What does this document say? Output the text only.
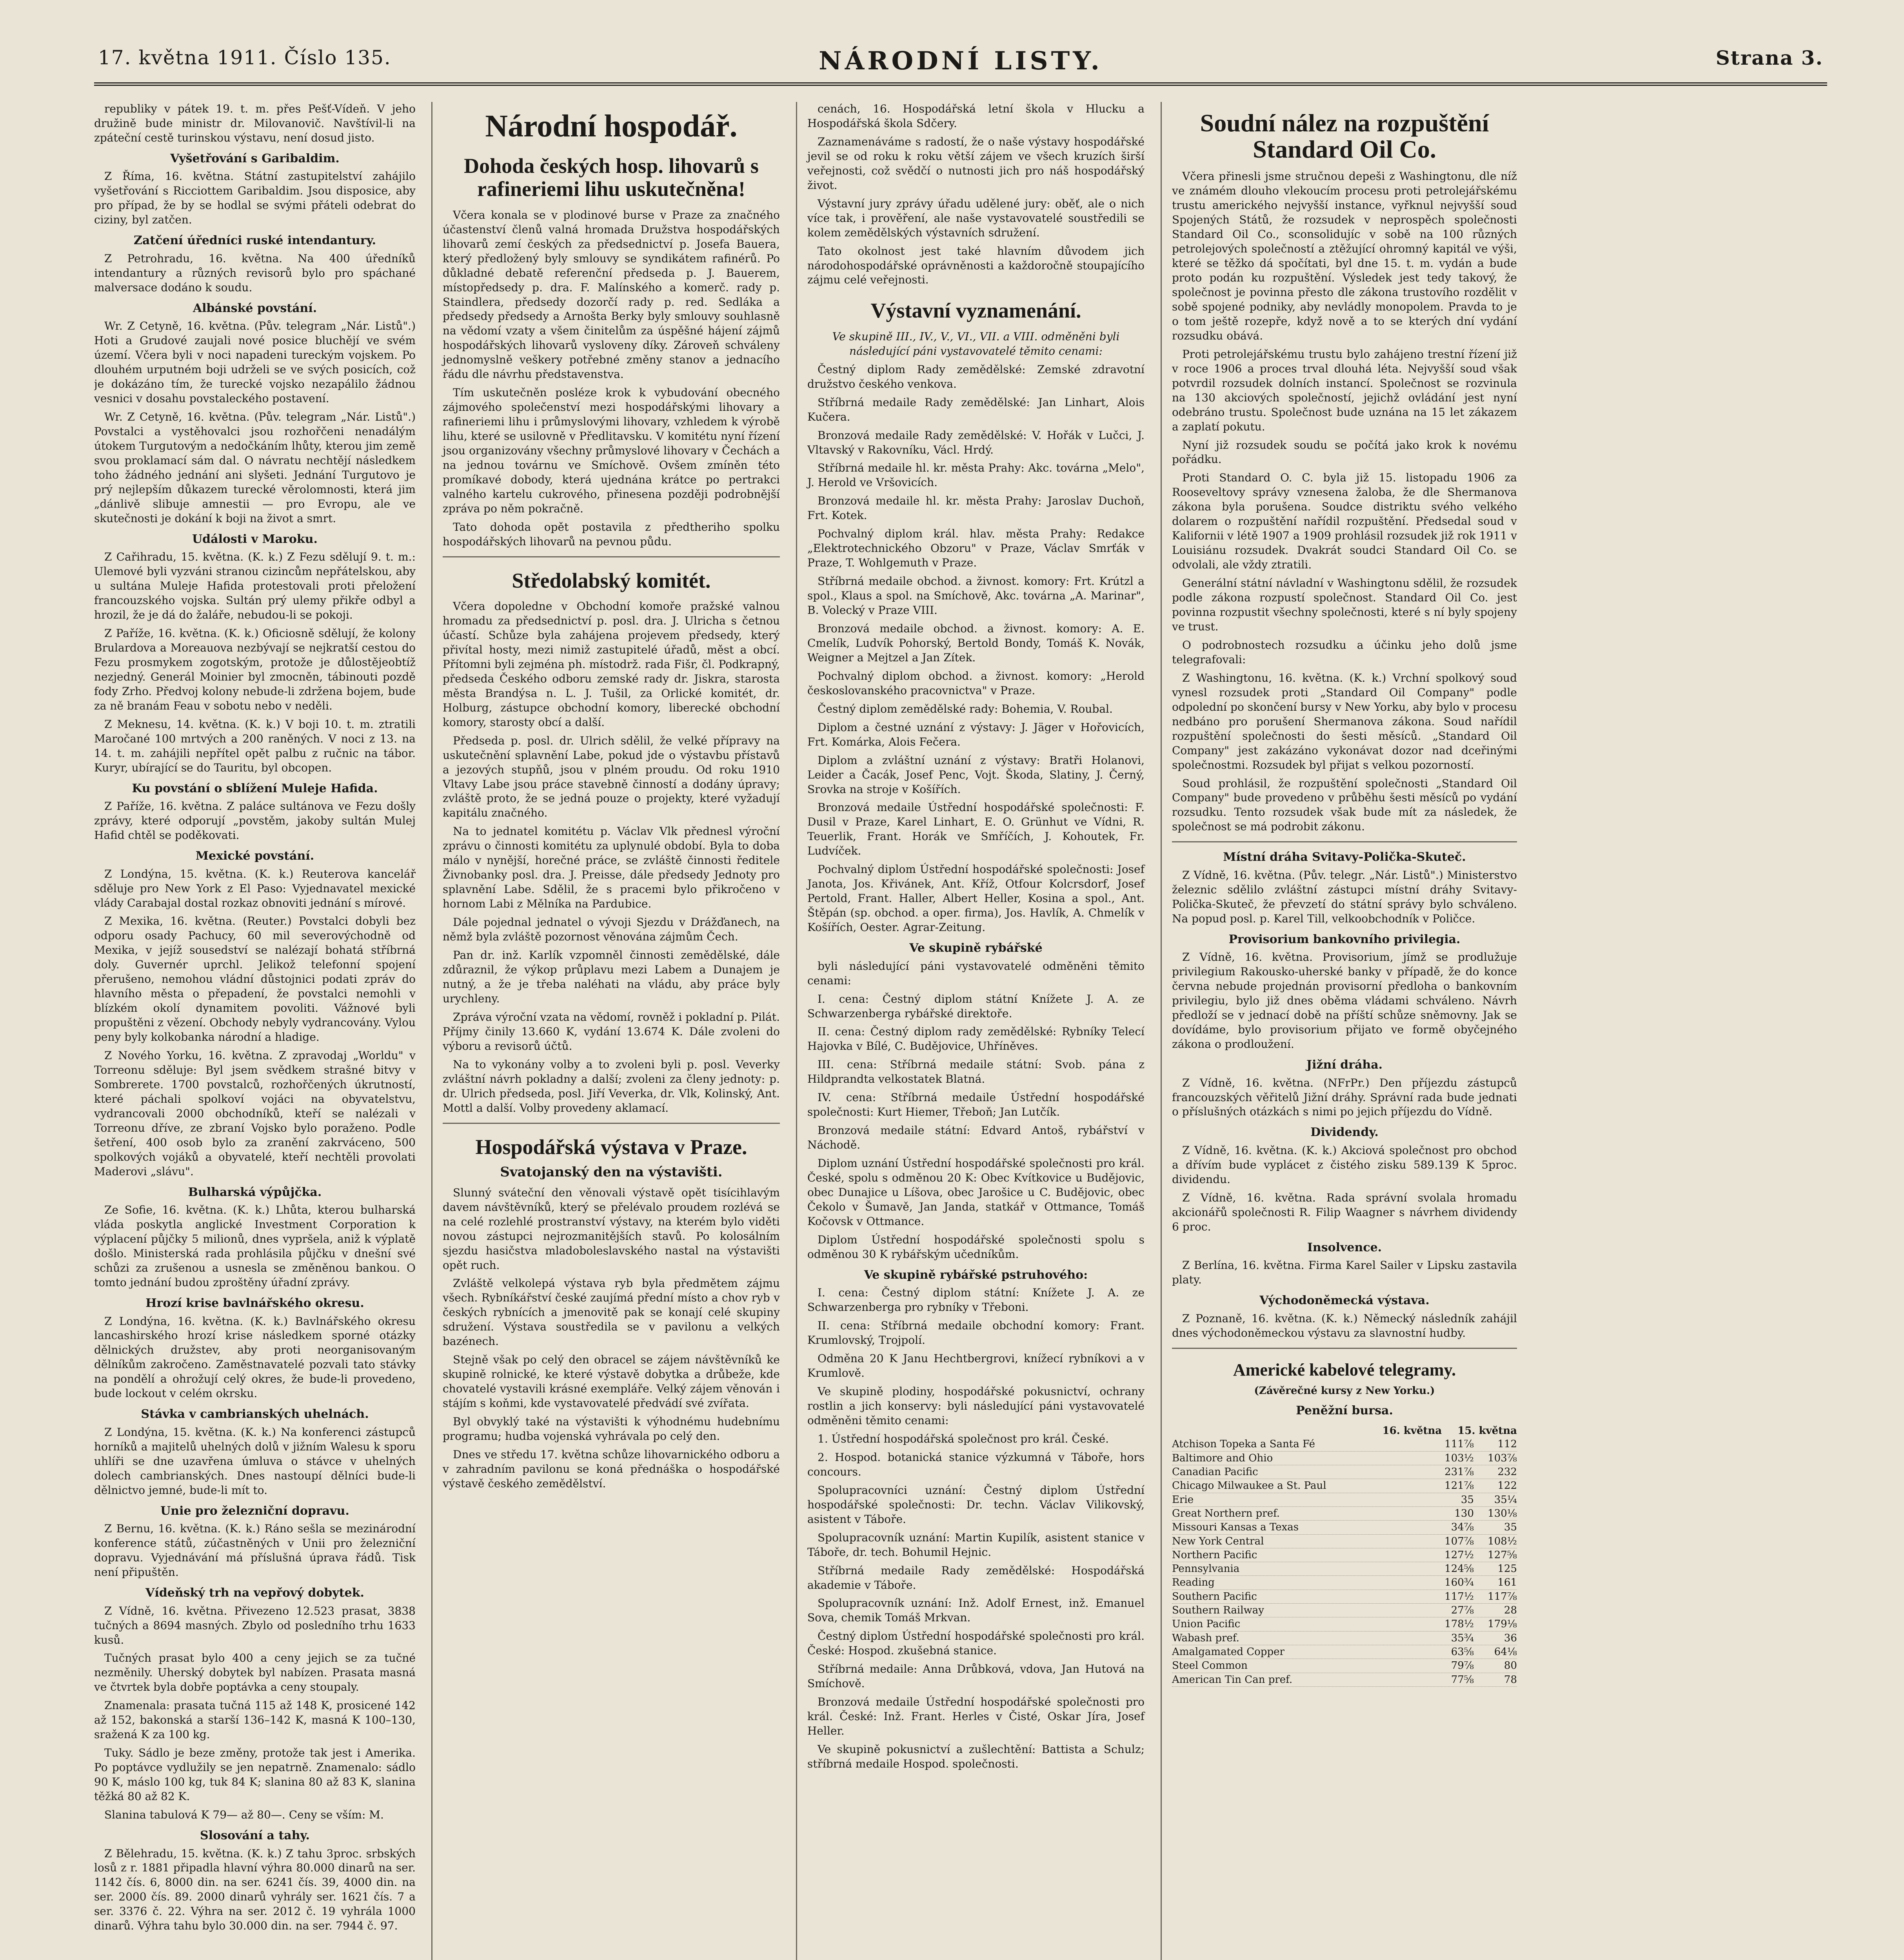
17. května 1911. Číslo 135.	NÁRODNÍ LISTY.	Strana 3.
republiky v pátek 19. t. m. přes Pešť-Vídeň. V jeho družině bude ministr dr. Milovanovič. Navštívil-li na zpáteční cestě turinskou výstavu, není dosud jisto.
Vyšetřování s Garibaldim.
Z Říma, 16. května. Státní zastupitelství zahájilo vyšetřování s Ricciottem Garibaldim. Jsou disposice, aby pro případ, že by se hodlal se svými přáteli odebrat do ciziny, byl zatčen.
Zatčení úředníci ruské intendantury.
Z Petrohradu, 16. května. Na 400 úředníků intendantury a různých revisorů bylo pro spáchané malversace dodáno k soudu.
Albánské povstání.
Wr. Z Cetyně, 16. května. (Pův. telegram „Nár. Listů".) Hoti a Grudové zaujali nové posice bluchějí ve svém území. Včera byli v noci napadeni tureckým vojskem. Po dlouhém urputném boji udrželi se ve svých posicích, což je dokázáno tím, že turecké vojsko nezapálilo žádnou vesnici v dosahu povstaleckého postavení.
Wr. Z Cetyně, 16. května. (Pův. telegram „Nár. Listů".) Povstalci a vystěhovalci jsou rozhořčeni nenadálým útokem Turgutovým a nedočkáním lhůty, kterou jim země svou proklamací sám dal. O návratu nechtějí následkem toho žádného jednání ani slyšeti. Jednání Turgutovo je prý nejlepším důkazem turecké věrolomnosti, která jim „dánlivě slibuje amnestii — pro Evropu, ale ve skutečnosti je dokání k boji na život a smrt.
Události v Maroku.
Z Cařihradu, 15. května. (K. k.) Z Fezu sdělují 9. t. m.: Ulemové byli vyzváni stranou cizincům nepřátelskou, aby u sultána Muleje Hafida protestovali proti přeložení francouzského vojska. Sultán prý ulemy přikře odbyl a hrozil, že je dá do žaláře, nebudou-li se pokoji.
Z Paříže, 16. května. (K. k.) Oficiosně sdělují, že kolony Brulardova a Moreauova nezbývají se nejkratší cestou do Fezu prosmykem zogotským, protože je důlostějeobtíž nezjedný. Generál Moinier byl zmocněn, tábinouti pozdě fody Zrho. Předvoj kolony nebude-li zdržena bojem, bude za ně branám Feau v sobotu nebo v neděli.
Z Meknesu, 14. května. (K. k.) V boji 10. t. m. ztratili Maročané 100 mrtvých a 200 raněných. V noci z 13. na 14. t. m. zahájili nepřítel opět palbu z ručnic na tábor. Kuryr, ubírající se do Tauritu, byl obcopen.
Ku povstání o sblížení Muleje Hafida.
Z Paříže, 16. května. Z paláce sultánova ve Fezu došly zprávy, které odporují „povstěm, jakoby sultán Mulej Hafid chtěl se poděkovati.
Mexické povstání.
Z Londýna, 15. května. (K. k.) Reuterova kancelář sděluje pro New York z El Paso: Vyjednavatel mexické vlády Carabajal dostal rozkaz obnoviti jednání s mírové.
Z Mexika, 16. května. (Reuter.) Povstalci dobyli bez odporu osady Pachucy, 60 mil severovýchodně od Mexika, v jejíž sousedství se nalézají bohatá stříbrná doly. Guvernér uprchl. Jelikož telefonní spojení přerušeno, nemohou vládní důstojnici podati zpráv do hlavního města o přepadení, že povstalci nemohli v blízkém okolí dynamitem povoliti. Vážnové byli propuštěni z vězení. Obchody nebyly vydrancovány. Vylou peny byly kolkobanka národní a hladige.
Z Nového Yorku, 16. května. Z zpravodaj „Worldu" v Torreonu sděluje: Byl jsem svědkem strašné bitvy v Sombrerete. 1700 povstalců, rozhořčených úkrutností, které páchali spolkoví vojáci na obyvatelstvu, vydrancovali 2000 obchodníků, kteří se nalézali v Torreonu dříve, ze zbraní Vojsko bylo poraženo. Podle šetření, 400 osob bylo za zranění zakrváceno, 500 spolkových vojáků a obyvatelé, kteří nechtěli provolati Maderovi „slávu".
Bulharská výpůjčka.
Ze Sofie, 16. května. (K. k.) Lhůta, kterou bulharská vláda poskytla anglické Investment Corporation k výplacení půjčky 5 milionů, dnes vypršela, aniž k výplatě došlo. Ministerská rada prohlásila půjčku v dnešní své schůzi za zrušenou a usnesla se změněnou bankou. O tomto jednání budou zproštěny úřadní zprávy.
Hrozí krise bavlnářského okresu.
Z Londýna, 16. května. (K. k.) Bavlnářského okresu lancashirského hrozí krise následkem sporné otázky dělnických družstev, aby proti neorganisovaným dělníkům zakročeno. Zaměstnavatelé pozvali tato stávky na pondělí a ohrožují celý okres, že bude-li provedeno, bude lockout v celém okrsku.
Stávka v cambrianských uhelnách.
Z Londýna, 15. května. (K. k.) Na konferenci zástupců horníků a majitelů uhelných dolů v jižním Walesu k sporu uhlíři se dne uzavřena úmluva o stávce v uhelných dolech cambrianských. Dnes nastoupí dělníci bude-li dělnictvo jemné, bude-li mít to.
Unie pro železniční dopravu.
Z Bernu, 16. května. (K. k.) Ráno sešla se mezinárodní konference států, zúčastněných v Unii pro železniční dopravu. Vyjednávání má příslušná úprava řádů. Tisk není připuštěn.
Vídeňský trh na vepřový dobytek.
Z Vídně, 16. května. Přivezeno 12.523 prasat, 3838 tučných a 8694 masných. Zbylo od posledního trhu 1633 kusů.
Tučných prasat bylo 400 a ceny jejich se za tučné nezměnily. Uherský dobytek byl nabízen. Prasata masná ve čtvrtek byla dobře poptávka a ceny stoupaly.
Znamenala: prasata tučná 115 až 148 K, prosicené 142 až 152, bakonská a starší 136–142 K, masná K 100–130, sražená K za 100 kg.
Tuky. Sádlo je beze změny, protože tak jest i Amerika. Po poptávce vydlužily se jen nepatrně. Znamenalo: sádlo 90 K, máslo 100 kg, tuk 84 K; slanina 80 až 83 K, slanina těžká 80 až 82 K.
Slanina tabulová K 79— až 80—. Ceny se vším: M.
Slosování a tahy.
Z Bělehradu, 15. května. (K. k.) Z tahu 3proc. srbských losů z r. 1881 připadla hlavní výhra 80.000 dinarů na ser. 1142 čís. 6, 8000 din. na ser. 6241 čís. 39, 4000 din. na ser. 2000 čís. 89. 2000 dinarů vyhrály ser. 1621 čís. 7 a ser. 3376 č. 22. Výhra na ser. 2012 č. 19 vyhrála 1000 dinarů. Výhra tahu bylo 30.000 din. na ser. 7944 č. 97.
Národní hospodář.
Dohoda českých hosp. lihovarů s rafineriemi lihu uskutečněna!
Včera konala se v plodinové burse v Praze za značného účastenství členů valná hromada Družstva hospodářských lihovarů zemí českých za předsednictví p. Josefa Bauera, který předložený byly smlouvy se syndikátem rafinérů. Po důkladné debatě referenční předseda p. J. Bauerem, místopředsedy p. dra. F. Malínského a komerč. rady p. Staindlera, předsedy dozorčí rady p. red. Sedláka a předsedy předsedy a Arnošta Berky byly smlouvy souhlasně na vědomí vzaty a všem činitelům za úspěšné hájení zájmů hospodářských lihovarů vysloveny díky. Zároveň schváleny jednomyslně veškery potřebné změny stanov a jednacího řádu dle návrhu představenstva.
Tím uskutečněn posléze krok k vybudování obecného zájmového společenství mezi hospodářskými lihovary a rafineriemi lihu i průmyslovými lihovary, vzhledem k výrobě lihu, které se usilovně v Předlitavsku. V komitétu nyní řízení jsou organizovány všechny průmyslové lihovary v Čechách a na jednou továrnu ve Smíchově. Ovšem zmíněn této promíkavé dobody, která ujednána krátce po pertrakci valného kartelu cukrového, přinesena později podrobnější zpráva po něm pokračně.
Tato dohoda opět postavila z předtheriho spolku hospodářských lihovarů na pevnou půdu.
Středolabský komitét.
Včera dopoledne v Obchodní komoře pražské valnou hromadu za předsednictví p. posl. dra. J. Ulricha s četnou účastí. Schůze byla zahájena projevem předsedy, který přivítal hosty, mezi nimiž zastupitelé úřadů, měst a obcí. Přítomni byli zejména ph. místodrž. rada Fišr, čl. Podkrapný, předseda Českého odboru zemské rady dr. Jiskra, starosta města Brandýsa n. L. J. Tušil, za Orlické komitét, dr. Holburg, zástupce obchodní komory, liberecké obchodní komory, starosty obcí a další.
Předseda p. posl. dr. Ulrich sdělil, že velké přípravy na uskutečnění splavnění Labe, pokud jde o výstavbu přístavů a jezových stupňů, jsou v plném proudu. Od roku 1910 Vltavy Labe jsou práce stavebně činností a dodány úpravy; zvláště proto, že se jedná pouze o projekty, které vyžadují kapitálu značného.
Na to jednatel komitétu p. Václav Vlk přednesl výroční zprávu o činnosti komitétu za uplynulé období. Byla to doba málo v nynější, horečné práce, se zvláště činnosti ředitele Živnobanky posl. dra. J. Preisse, dále předsedy Jednoty pro splavnění Labe. Sdělil, že s pracemi bylo přikročeno v hornom Labi z Mělníka na Pardubice.
Dále pojednal jednatel o vývoji Sjezdu v Drážďanech, na němž byla zvláště pozornost věnována zájmům Čech.
Pan dr. inž. Karlík vzpomněl činnosti zemědělské, dále zdůraznil, že výkop průplavu mezi Labem a Dunajem je nutný, a že je třeba naléhati na vládu, aby práce byly urychleny.
Zpráva výroční vzata na vědomí, rovněž i pokladní p. Pilát. Příjmy činily 13.660 K, vydání 13.674 K. Dále zvoleni do výboru a revisorů účtů.
Na to vykonány volby a to zvoleni byli p. posl. Veverky zvláštní návrh pokladny a další; zvoleni za členy jednoty: p. dr. Ulrich předseda, posl. Jiří Veverka, dr. Vlk, Kolinský, Ant. Mottl a další. Volby provedeny aklamací.
Hospodářská výstava v Praze.
Svatojanský den na výstavišti.
Slunný sváteční den věnovali výstavě opět tisícihlavým davem návštěvníků, který se přelévalo proudem rozlévá se na celé rozlehlé prostranství výstavy, na kterém bylo viděti novou zástupci nejrozmanitějších stavů. Po kolosálním sjezdu hasičstva mladoboleslavského nastal na výstavišti opět ruch.
Zvláště velkolepá výstava ryb byla předmětem zájmu všech. Rybníkářství české zaujímá přední místo a chov ryb v českých rybnících a jmenovitě pak se konají celé skupiny sdružení. Výstava soustředila se v pavilonu a velkých bazénech.
Stejně však po celý den obracel se zájem návštěvníků ke skupině rolnické, ke které výstavě dobytka a drůbeže, kde chovatelé vystavili krásné exempláře. Velký zájem věnován i stájím s koňmi, kde vystavovatelé předvádí své zvířata.
Byl obvyklý také na výstavišti k výhodnému hudebnímu programu; hudba vojenská vyhrávala po celý den.
Dnes ve středu 17. května schůze lihovarnického odboru a v zahradním pavilonu se koná přednáška o hospodářské výstavě českého zemědělství.
cenách, 16. Hospodářská letní škola v Hlucku a Hospodářská škola Sdčery.
Zaznamenáváme s radostí, že o naše výstavy hospodářské jevil se od roku k roku větší zájem ve všech kruzích širší veřejnosti, což svědčí o nutnosti jich pro náš hospodářský život.
Výstavní jury zprávy úřadu udělené jury: oběť, ale o nich více tak, i prověření, ale naše vystavovatelé soustředili se kolem zemědělských výstavních sdružení.
Tato okolnost jest také hlavním důvodem jich národohospodářské oprávněnosti a každoročně stoupajícího zájmu celé veřejnosti.
Výstavní vyznamenání.
Ve skupině III., IV., V., VI., VII. a VIII. odměněni byli následující páni vystavovatelé těmito cenami:
Čestný diplom Rady zemědělské: Zemské zdravotní družstvo českého venkova.
Stříbrná medaile Rady zemědělské: Jan Linhart, Alois Kučera.
Bronzová medaile Rady zemědělské: V. Hořák v Lučci, J. Vltavský v Rakovníku, Václ. Hrdý.
Stříbrná medaile hl. kr. města Prahy: Akc. továrna „Melo", J. Herold ve Vršovicích.
Bronzová medaile hl. kr. města Prahy: Jaroslav Duchoň, Frt. Kotek.
Pochvalný diplom král. hlav. města Prahy: Redakce „Elektrotechnického Obzoru" v Praze, Václav Smrťák v Praze, T. Wohlgemuth v Praze.
Stříbrná medaile obchod. a živnost. komory: Frt. Krútzl a spol., Klaus a spol. na Smíchově, Akc. továrna „A. Marinar", B. Volecký v Praze VIII.
Bronzová medaile obchod. a živnost. komory: A. E. Cmelík, Ludvík Pohorský, Bertold Bondy, Tomáš K. Novák, Weigner a Mejtzel a Jan Zítek.
Pochvalný diplom obchod. a živnost. komory: „Herold českoslovanského pracovnictva" v Praze.
Čestný diplom zemědělské rady: Bohemia, V. Roubal.
Diplom a čestné uznání z výstavy: J. Jäger v Hořovicích, Frt. Komárka, Alois Fečera.
Diplom a zvláštní uznání z výstavy: Bratři Holanovi, Leider a Čacák, Josef Penc, Vojt. Škoda, Slatiny, J. Černý, Srovka na stroje v Košířích.
Bronzová medaile Ústřední hospodářské společnosti: F. Dusil v Praze, Karel Linhart, E. O. Grünhut ve Vídni, R. Teuerlik, Frant. Horák ve Smříčích, J. Kohoutek, Fr. Ludvíček.
Pochvalný diplom Ústřední hospodářské společnosti: Josef Janota, Jos. Křivánek, Ant. Kříž, Otfour Kolcrsdorf, Josef Pertold, Frant. Haller, Albert Heller, Kosina a spol., Ant. Štěpán (sp. obchod. a oper. firma), Jos. Havlík, A. Chmelík v Košířích, Oester. Agrar-Zeitung.
Ve skupině rybářské
byli následující páni vystavovatelé odměněni těmito cenami:
I. cena: Čestný diplom státní Knížete J. A. ze Schwarzenberga rybářské direktoře.
II. cena: Čestný diplom rady zemědělské: Rybníky Telecí Hajovka v Bílé, C. Budějovice, Uhříněves.
III. cena: Stříbrná medaile státní: Svob. pána z Hildprandta velkostatek Blatná.
IV. cena: Stříbrná medaile Ústřední hospodářské společnosti: Kurt Hiemer, Třeboň; Jan Lutčík.
Bronzová medaile státní: Edvard Antoš, rybářství v Náchodě.
Diplom uznání Ústřední hospodářské společnosti pro král. České, spolu s odměnou 20 K: Obec Kvítkovice u Budějovic, obec Dunajice u Líšova, obec Jarošice u C. Budějovic, obec Čekolo v Šumavě, Jan Janda, statkář v Ottmance, Tomáš Kočovsk v Ottmance.
Diplom Ústřední hospodářské společnosti spolu s odměnou 30 K rybářským učedníkům.
Ve skupině rybářské pstruhového:
I. cena: Čestný diplom státní: Knížete J. A. ze Schwarzenberga pro rybníky v Třeboni.
II. cena: Stříbrná medaile obchodní komory: Frant. Krumlovský, Trojpolí.
Odměna 20 K Janu Hechtbergrovi, knížecí rybníkovi a v Krumlově.
Ve skupině plodiny, hospodářské pokusnictví, ochrany rostlin a jich konservy: byli následující páni vystavovatelé odměněni těmito cenami:
1. Ústřední hospodářská společnost pro král. České.
2. Hospod. botanická stanice výzkumná v Táboře, hors concours.
Spolupracovníci uznání: Čestný diplom Ústřední hospodářské společnosti: Dr. techn. Václav Vilikovský, asistent v Táboře.
Spolupracovník uznání: Martin Kupilík, asistent stanice v Táboře, dr. tech. Bohumil Hejnic.
Stříbrná medaile Rady zemědělské: Hospodářská akademie v Táboře.
Spolupracovník uznání: Inž. Adolf Ernest, inž. Emanuel Sova, chemik Tomáš Mrkvan.
Čestný diplom Ústřední hospodářské společnosti pro král. České: Hospod. zkušebná stanice.
Stříbrná medaile: Anna Drůbková, vdova, Jan Hutová na Smíchově.
Bronzová medaile Ústřední hospodářské společnosti pro král. České: Inž. Frant. Herles v Čisté, Oskar Jíra, Josef Heller.
Ve skupině pokusnictví a zušlechtění: Battista a Schulz; stříbrná medaile Hospod. společnosti.
Soudní nález na rozpuštění Standard Oil Co.
Včera přinesli jsme stručnou depeši z Washingtonu, dle níž ve známém dlouho vlekoucím procesu proti petrolejářskému trustu amerického nejvyšší instance, vyřknul nejvyšší soud Spojených Států, že rozsudek v neprospěch společnosti Standard Oil Co., sconsolidujíc v sobě na 100 různých petrolejových společností a ztěžující ohromný kapitál ve výši, které se těžko dá spočítati, byl dne 15. t. m. vydán a bude proto podán ku rozpuštění. Výsledek jest tedy takový, že společnost je povinna přesto dle zákona trustovího rozdělit v sobě spojené podniky, aby nevládly monopolem. Pravda to je o tom ještě rozepře, když nově a to se kterých dní vydání rozsudku obává.
Proti petrolejářskému trustu bylo zahájeno trestní řízení již v roce 1906 a proces trval dlouhá léta. Nejvyšší soud však potvrdil rozsudek dolních instancí. Společnost se rozvinula na 130 akciových společností, jejichž ovládání jest nyní odebráno trustu. Společnost bude uznána na 15 let zákazem a zaplatí pokutu.
Nyní již rozsudek soudu se počítá jako krok k novému pořádku.
Proti Standard O. C. byla již 15. listopadu 1906 za Rooseveltovy správy vznesena žaloba, že dle Shermanova zákona byla porušena. Soudce distriktu svého velkého dolarem o rozpuštění nařídil rozpuštění. Předsedal soud v Kalifornii v létě 1907 a 1909 prohlásil rozsudek již rok 1911 v Louisiánu rozsudek. Dvakrát soudci Standard Oil Co. se odvolali, ale vždy ztratili.
Generální státní návladní v Washingtonu sdělil, že rozsudek podle zákona rozpustí společnost. Standard Oil Co. jest povinna rozpustit všechny společnosti, které s ní byly spojeny ve trust.
O podrobnostech rozsudku a účinku jeho dolů jsme telegrafovali:
Z Washingtonu, 16. května. (K. k.) Vrchní spolkový soud vynesl rozsudek proti „Standard Oil Company" podle odpolední po skončení bursy v New Yorku, aby bylo v procesu nedbáno pro porušení Shermanova zákona. Soud nařídil rozpuštění společnosti do šesti měsíců. „Standard Oil Company" jest zakázáno vykonávat dozor nad dceřinými společnostmi. Rozsudek byl přijat s velkou pozorností.
Soud prohlásil, že rozpuštění společnosti „Standard Oil Company" bude provedeno v průběhu šesti měsíců po vydání rozsudku. Tento rozsudek však bude mít za následek, že společnost se má podrobit zákonu.
Místní dráha Svitavy-Polička-Skuteč.
Z Vídně, 16. května. (Pův. telegr. „Nár. Listů".) Ministerstvo železnic sdělilo zvláštní zástupci místní dráhy Svitavy-Polička-Skuteč, že převzetí do státní správy bylo schváleno. Na popud posl. p. Karel Till, velkoobchodník v Poličce.
Provisorium bankovního privilegia.
Z Vídně, 16. května. Provisorium, jímž se prodlužuje privilegium Rakousko-uherské banky v případě, že do konce června nebude projednán provisorní předloha o bankovním privilegiu, bylo již dnes oběma vládami schváleno. Návrh předloží se v jednací době na příští schůze sněmovny. Jak se dovídáme, bylo provisorium přijato ve formě obyčejného zákona o prodloužení.
Jižní dráha.
Z Vídně, 16. května. (NFrPr.) Den příjezdu zástupců francouzských věřitelů Jižní dráhy. Správní rada bude jednati o příslušných otázkách s nimi po jejich příjezdu do Vídně.
Dividendy.
Z Vídně, 16. května. (K. k.) Akciová společnost pro obchod a dřívím bude vyplácet z čistého zisku 589.139 K 5proc. dividendu.
Z Vídně, 16. května. Rada správní svolala hromadu akcionářů společnosti R. Filip Waagner s návrhem dividendy 6 proc.
Insolvence.
Z Berlína, 16. května. Firma Karel Sailer v Lipsku zastavila platy.
Východoněmecká výstava.
Z Poznaně, 16. května. (K. k.) Německý následník zahájil dnes východoněmeckou výstavu za slavnostní hudby.
Americké kabelové telegramy.
(Závěrečné kursy z New Yorku.)
Peněžní bursa.
16. května 15. května
Atchison Topeka a Santa Fé	111⅞	112
Baltimore and Ohio	103½	103⅞
Canadian Pacific	231⅞	232
Chicago Milwaukee a St. Paul	121⅞	122
Erie	35	35¼
Great Northern pref.	130	130⅛
Missouri Kansas a Texas	34⅞	35
New York Central	107⅞	108½
Northern Pacific	127½	127⅝
Pennsylvania	124⅝	125
Reading	160¾	161
Southern Pacific	117½	117⅞
Southern Railway	27⅞	28
Union Pacific	178½	179⅛
Wabash pref.	35¾	36
Amalgamated Copper	63⅝	64⅛
Steel Common	79⅞	80
American Tin Can pref.	77⅝	78
